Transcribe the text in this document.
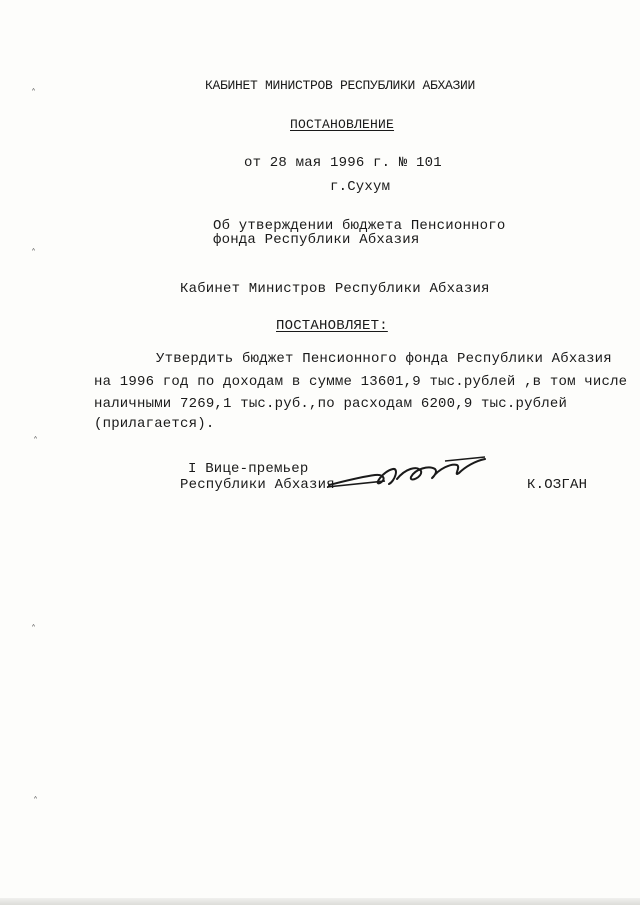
˄
˄
˄
˄
˄
КАБИНЕТ МИНИСТРОВ РЕСПУБЛИКИ АБХАЗИИ
ПОСТАНОВЛЕНИЕ
от 28 мая 1996 г. № 101
г.Сухум
Об утверждении бюджета Пенсионного
фонда Республики Абхазия
Кабинет Министров Республики Абхазия
ПОСТАНОВЛЯЕТ:
Утвердить бюджет Пенсионного фонда Республики Абхазия
на 1996 год по доходам в сумме 13601,9 тыс.рублей ,в том числе
наличными 7269,1 тыс.руб.,по расходам 6200,9 тыс.рублей
(прилагается).
I Вице-премьер
Республики Абхазия	К.ОЗГАН
